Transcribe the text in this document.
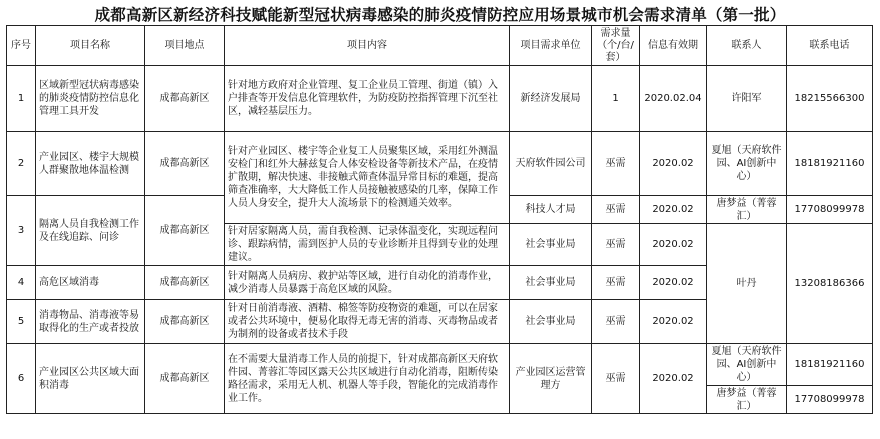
成都高新区新经济科技赋能新型冠状病毒感染的肺炎疫情防控应用场景城市机会需求清单（第一批）
序号	项目名称	项目地点	项目内容	项目需求单位	需求量（个/台/套）	信息有效期	联系人	联系电话
1	区域新型冠状病毒感染的肺炎疫情防控信息化管理工具开发	成都高新区	针对地方政府对企业管理、复工企业员工管理、街道（镇）入户排查等开发信息化管理软件，为防疫防控指挥管理下沉至社区，减轻基层压力。	新经济发展局	1	2020.02.04	许阳军	18215566300
2	产业园区、楼宇大规模人群聚散地体温检测	成都高新区	针对产业园区、楼宇等企业复工人员聚集区域，采用红外测温安检门和红外大赫兹复合人体安检设备等新技术产品，在疫情扩散期，解决快速、非接触式筛查体温异常目标的难题，提高筛查准确率，大大降低工作人员接触被感染的几率，保障工作人员人身安全，提升大人流场景下的检测通关效率。	天府软件园公司	巫需	2020.02	夏旭（天府软件园、AI创新中心）	18181921160
3	隔离人员自我检测工作及在线追踪、问诊	成都高新区		科技人才局	巫需	2020.02	唐梦益（菁蓉汇）	17708099978
			针对居家隔离人员，需自我检测、记录体温变化，实现远程问诊、跟踪病情，需到医护人员的专业诊断并且得到专业的处理建议。	社会事业局	巫需	2020.02	叶丹	13208186366
4	高危区域消毒	成都高新区	针对隔离人员病房、救护站等区域，进行自动化的消毒作业，减少消毒人员暴露于高危区域的风险。	社会事业局	巫需	2020.02		
5	消毒物品、消毒液等易取得化的生产或者投放	成都高新区	针对日前消毒液、酒精、棉签等防疫物资的难题，可以在居家或者公共环境中，便易化取得无毒无害的消毒、灭毒物品或者为制剂的设备或者技术手段	社会事业局	巫需	2020.02		
6	产业园区公共区域大面积消毒	成都高新区	在不需要大量消毒工作人员的前提下，针对成都高新区天府软件园、菁蓉汇等园区露天公共区域进行自动化消毒，阻断传染路径需求，采用无人机、机器人等手段，智能化的完成消毒作业工作。	产业园区运营管理方	巫需	2020.02	夏旭（天府软件园、AI创新中心）	18181921160
							唐梦益（菁蓉汇）	17708099978
